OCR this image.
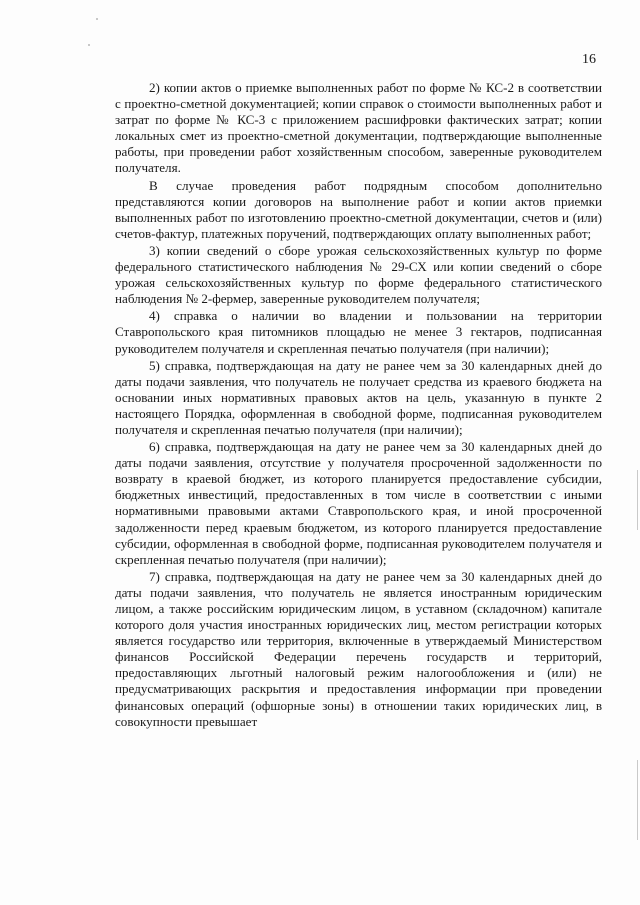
16

2) копии актов о приемке выполненных работ по форме № КС-2 в соответствии с проектно-сметной документацией; копии справок о стоимости выполненных работ и затрат по форме № КС-3 с приложением расшифровки фактических затрат; копии локальных смет из проектно-сметной документации, подтверждающие выполненные работы, при проведении работ хозяйственным способом, заверенные руководителем получателя.

В случае проведения работ подрядным способом дополнительно представляются копии договоров на выполнение работ и копии актов приемки выполненных работ по изготовлению проектно-сметной документации, счетов и (или) счетов-фактур, платежных поручений, подтверждающих оплату выполненных работ;

3) копии сведений о сборе урожая сельскохозяйственных культур по форме федерального статистического наблюдения № 29-СХ или копии сведений о сборе урожая сельскохозяйственных культур по форме федерального статистического наблюдения № 2-фермер, заверенные руководителем получателя;

4) справка о наличии во владении и пользовании на территории Ставропольского края питомников площадью не менее 3 гектаров, подписанная руководителем получателя и скрепленная печатью получателя (при наличии);

5) справка, подтверждающая на дату не ранее чем за 30 календарных дней до даты подачи заявления, что получатель не получает средства из краевого бюджета на основании иных нормативных правовых актов на цель, указанную в пункте 2 настоящего Порядка, оформленная в свободной форме, подписанная руководителем получателя и скрепленная печатью получателя (при наличии);

6) справка, подтверждающая на дату не ранее чем за 30 календарных дней до даты подачи заявления, отсутствие у получателя просроченной задолженности по возврату в краевой бюджет, из которого планируется предоставление субсидии, бюджетных инвестиций, предоставленных в том числе в соответствии с иными нормативными правовыми актами Ставропольского края, и иной просроченной задолженности перед краевым бюджетом, из которого планируется предоставление субсидии, оформленная в свободной форме, подписанная руководителем получателя и скрепленная печатью получателя (при наличии);

7) справка, подтверждающая на дату не ранее чем за 30 календарных дней до даты подачи заявления, что получатель не является иностранным юридическим лицом, а также российским юридическим лицом, в уставном (складочном) капитале которого доля участия иностранных юридических лиц, местом регистрации которых является государство или территория, включенные в утверждаемый Министерством финансов Российской Федерации перечень государств и территорий, предоставляющих льготный налоговый режим налогообложения и (или) не предусматривающих раскрытия и предоставления информации при проведении финансовых операций (офшорные зоны) в отношении таких юридических лиц, в совокупности превышает
